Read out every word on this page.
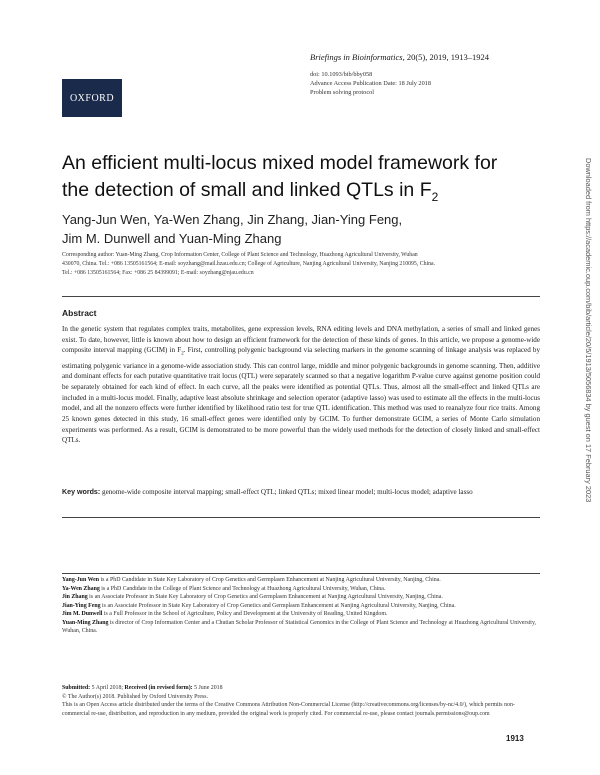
OXFORD
Briefings in Bioinformatics, 20(5), 2019, 1913–1924
doi: 10.1093/bib/bby058
Advance Access Publication Date: 18 July 2018
Problem solving protocol
An efficient multi-locus mixed model framework for
the detection of small and linked QTLs in $F_2$
Yang-Jun Wen, Ya-Wen Zhang, Jin Zhang, Jian-Ying Feng,
Jim M. Dunwell and Yuan-Ming Zhang
Corresponding author: Yuan-Ming Zhang, Crop Information Center, College of Plant Science and Technology, Huazhong Agricultural University, Wuhan
430070, China. Tel.: +086 13505161564; E-mail: soyzhang@mail.hzau.edu.cn; College of Agriculture, Nanjing Agricultural University, Nanjing 210095, China.
Tel.: +086 13505161564; Fax: +086 25 84399091; E-mail: soyzhang@njau.edu.cn
Abstract
In the genetic system that regulates complex traits, metabolites, gene expression levels, RNA editing levels and DNA methylation, a series of small and linked genes exist. To date, however, little is known about how to design an efficient framework for the detection of these kinds of genes. In this article, we propose a genome-wide composite interval mapping (GCIM) in $F_2$. First, controlling polygenic background via selecting markers in the genome scanning of linkage analysis was replaced by estimating polygenic variance in a genome-wide association study. This can control large, middle and minor polygenic backgrounds in genome scanning. Then, additive and dominant effects for each putative quantitative trait locus (QTL) were separately scanned so that a negative logarithm P-value curve against genome position could be separately obtained for each kind of effect. In each curve, all the peaks were identified as potential QTLs. Thus, almost all the small-effect and linked QTLs are included in a multi-locus model. Finally, adaptive least absolute shrinkage and selection operator (adaptive lasso) was used to estimate all the effects in the multi-locus model, and all the nonzero effects were further identified by likelihood ratio test for true QTL identification. This method was used to reanalyze four rice traits. Among 25 known genes detected in this study, 16 small-effect genes were identified only by GCIM. To further demonstrate GCIM, a series of Monte Carlo simulation experiments was performed. As a result, GCIM is demonstrated to be more powerful than the widely used methods for the detection of closely linked and small-effect QTLs.
Key words: genome-wide composite interval mapping; small-effect QTL; linked QTLs; mixed linear model; multi-locus model; adaptive lasso

Yang-Jun Wen is a PhD Candidate in State Key Laboratory of Crop Genetics and Germplasm Enhancement at Nanjing Agricultural University, Nanjing, China.

Ya-Wen Zhang is a PhD Candidate in the College of Plant Science and Technology at Huazhong Agricultural University, Wuhan, China.

Jin Zhang is an Associate Professor in State Key Laboratory of Crop Genetics and Germplasm Enhancement at Nanjing Agricultural University, Nanjing, China.

Jian-Ying Feng is an Associate Professor in State Key Laboratory of Crop Genetics and Germplasm Enhancement at Nanjing Agricultural University, Nanjing, China.

Jim M. Dunwell is a Full Professor in the School of Agriculture, Policy and Development at the University of Reading, United Kingdom.

Yuan-Ming Zhang is director of Crop Information Center and a Chutian Scholar Professor of Statistical Genomics in the College of Plant Science and Technology at Huazhong Agricultural University, Wuhan, China.

Submitted: 5 April 2018; Received (in revised form): 5 June 2018

© The Author(s) 2018. Published by Oxford University Press.

This is an Open Access article distributed under the terms of the Creative Commons Attribution Non-Commercial License (http://creativecommons.org/licenses/by-nc/4.0/), which permits non-commercial re-use, distribution, and reproduction in any medium, provided the original work is properly cited. For commercial re-use, please contact journals.permissions@oup.com

1913
Downloaded from https://academic.oup.com/bib/article/20/5/1913/5056834 by guest on 17 February 2023
